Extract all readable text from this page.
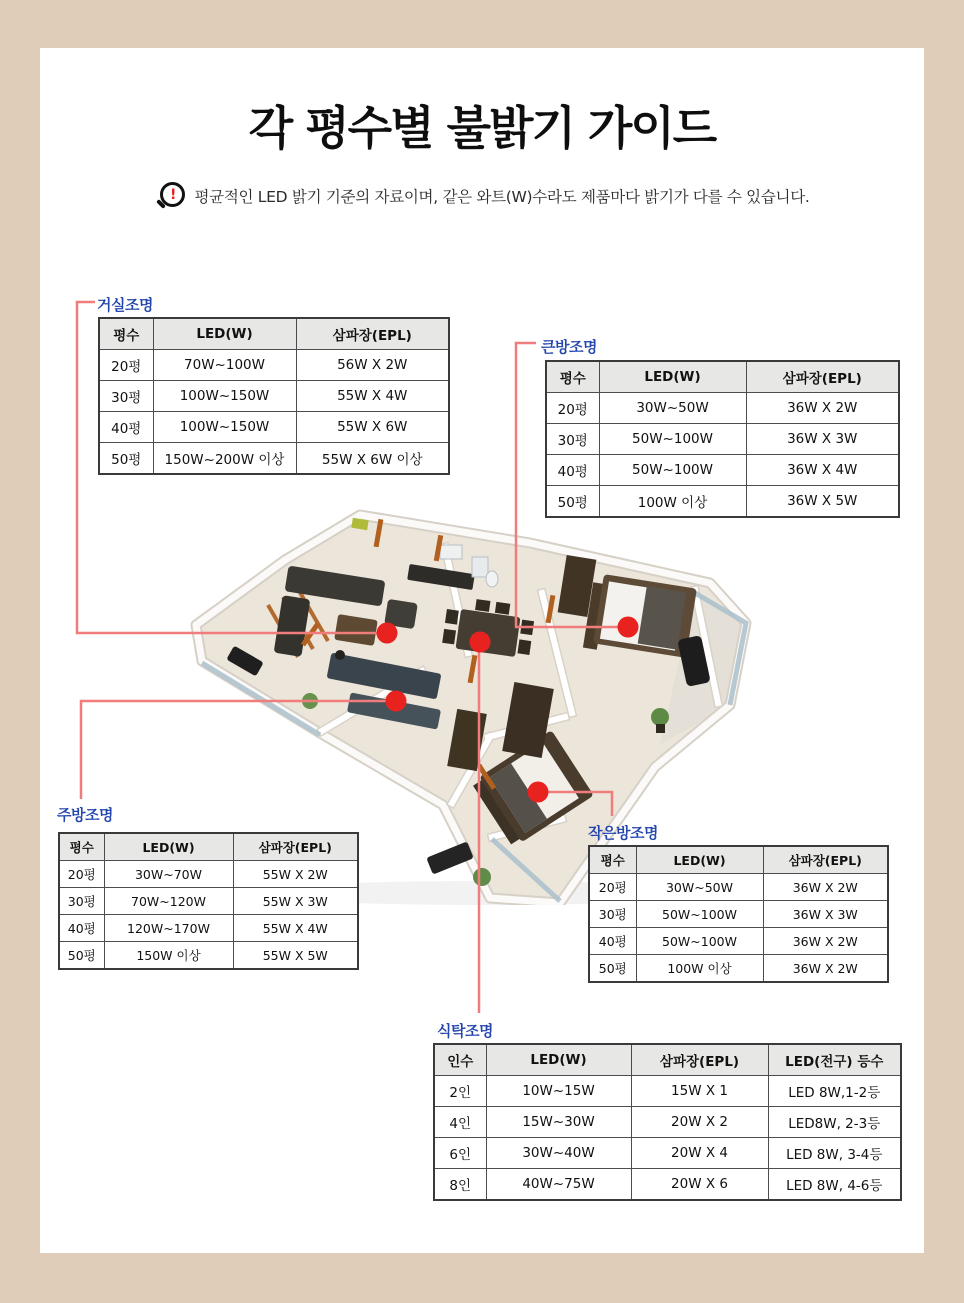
각 평수별 불밝기 가이드
!	평균적인 LED 밝기 기준의 자료이며, 같은 와트(W)수라도 제품마다 밝기가 다를 수 있습니다.
거실조명
큰방조명
주방조명
작은방조명
식탁조명
평수	LED(W)	삼파장(EPL)
20평	70W~100W	56W X 2W
30평	100W~150W	55W X 4W
40평	100W~150W	55W X 6W
50평	150W~200W 이상	55W X 6W 이상
평수	LED(W)	삼파장(EPL)
20평	30W~50W	36W X 2W
30평	50W~100W	36W X 3W
40평	50W~100W	36W X 4W
50평	100W 이상	36W X 5W
평수	LED(W)	삼파장(EPL)
20평	30W~70W	55W X 2W
30평	70W~120W	55W X 3W
40평	120W~170W	55W X 4W
50평	150W 이상	55W X 5W
평수	LED(W)	삼파장(EPL)
20평	30W~50W	36W X 2W
30평	50W~100W	36W X 3W
40평	50W~100W	36W X 2W
50평	100W 이상	36W X 2W
인수	LED(W)	삼파장(EPL)	LED(전구) 등수
2인	10W~15W	15W X 1	LED 8W,1-2등
4인	15W~30W	20W X 2	LED8W, 2-3등
6인	30W~40W	20W X 4	LED 8W, 3-4등
8인	40W~75W	20W X 6	LED 8W, 4-6등
